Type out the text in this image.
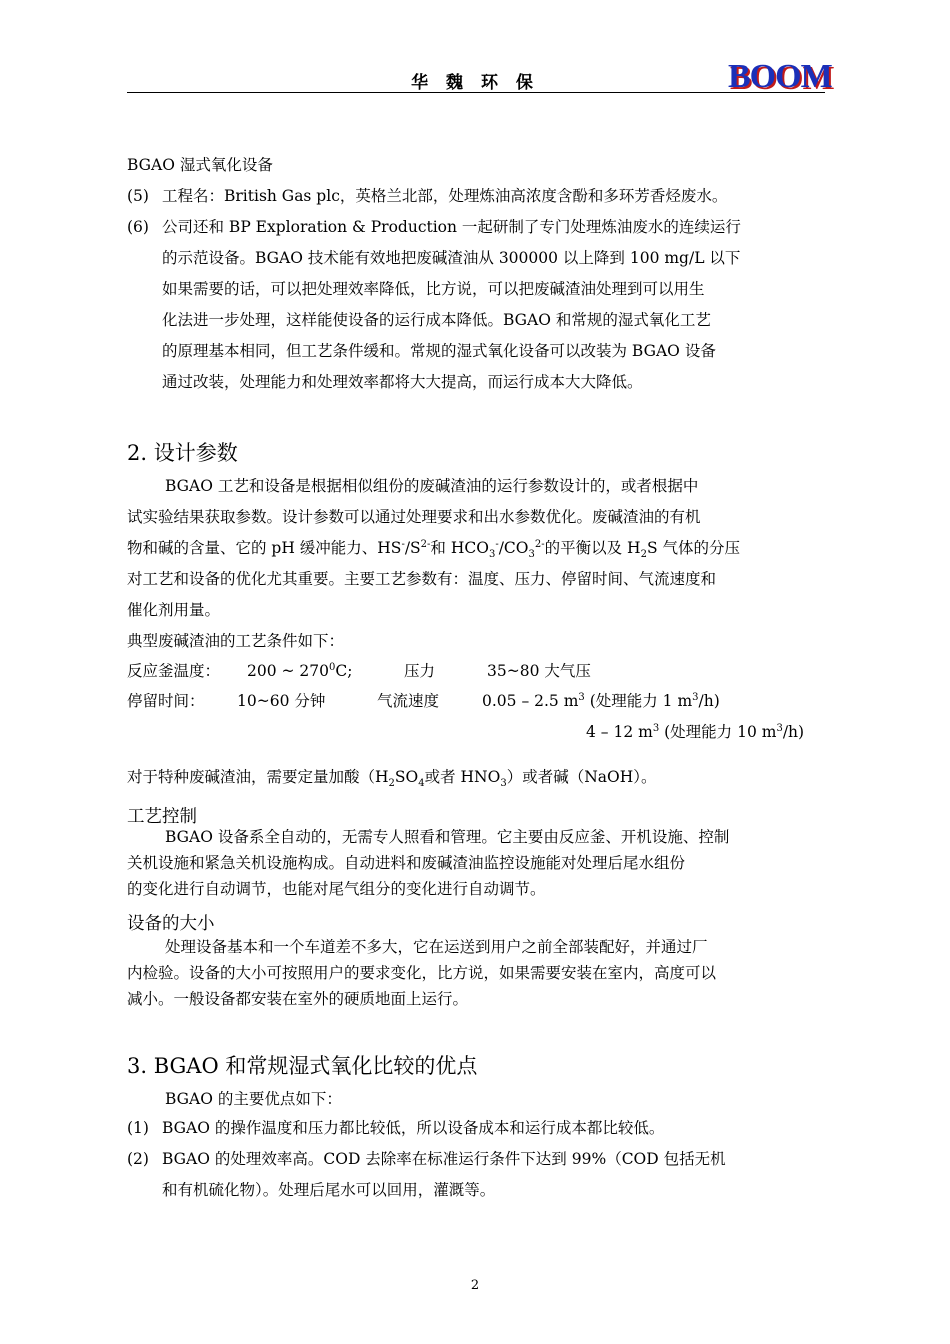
华 魏 环 保	BOOM
BGAO 湿式氧化设备
(5) 工程名：British Gas plc，英格兰北部，处理炼油高浓度含酚和多环芳香烃废水。
(6) 公司还和 BP Exploration & Production 一起研制了专门处理炼油废水的连续运行
的示范设备。BGAO 技术能有效地把废碱渣油从 300000 以上降到 100 mg/L 以下
如果需要的话，可以把处理效率降低，比方说，可以把废碱渣油处理到可以用生
化法进一步处理，这样能使设备的运行成本降低。BGAO 和常规的湿式氧化工艺
的原理基本相同，但工艺条件缓和。常规的湿式氧化设备可以改装为 BGAO 设备
通过改装，处理能力和处理效率都将大大提高，而运行成本大大降低。
2. 设计参数
BGAO 工艺和设备是根据相似组份的废碱渣油的运行参数设计的，或者根据中
试实验结果获取参数。设计参数可以通过处理要求和出水参数优化。废碱渣油的有机
物和碱的含量、它的 pH 缓冲能力、$HS^-/S^{2-}$和 $HCO_3^-/CO_3^{2-}$的平衡以及 $H_2S$ 气体的分压
对工艺和设备的优化尤其重要。主要工艺参数有：温度、压力、停留时间、气流速度和
催化剂用量。
典型废碱渣油的工艺条件如下：
反应釜温度： 200 ~ $270^0C$;	压力	35~80 大气压
停留时间： 10~60 分钟	气流速度	0.05 – 2.5 $m^3$ (处理能力 1 $m^3/h$)
4 – 12 $m^3$ (处理能力 10 $m^3/h$)
对于特种废碱渣油，需要定量加酸（$H_2SO_4$或者 $HNO_3$）或者碱（NaOH）。
工艺控制
BGAO 设备系全自动的，无需专人照看和管理。它主要由反应釜、开机设施、控制
关机设施和紧急关机设施构成。自动进料和废碱渣油监控设施能对处理后尾水组份
的变化进行自动调节，也能对尾气组分的变化进行自动调节。
设备的大小
处理设备基本和一个车道差不多大，它在运送到用户之前全部装配好，并通过厂
内检验。设备的大小可按照用户的要求变化，比方说，如果需要安装在室内，高度可以
减小。一般设备都安装在室外的硬质地面上运行。
3. BGAO 和常规湿式氧化比较的优点
BGAO 的主要优点如下：
(1) BGAO 的操作温度和压力都比较低，所以设备成本和运行成本都比较低。
(2) BGAO 的处理效率高。COD 去除率在标准运行条件下达到 99%（COD 包括无机
和有机硫化物）。处理后尾水可以回用，灌溉等。
2
